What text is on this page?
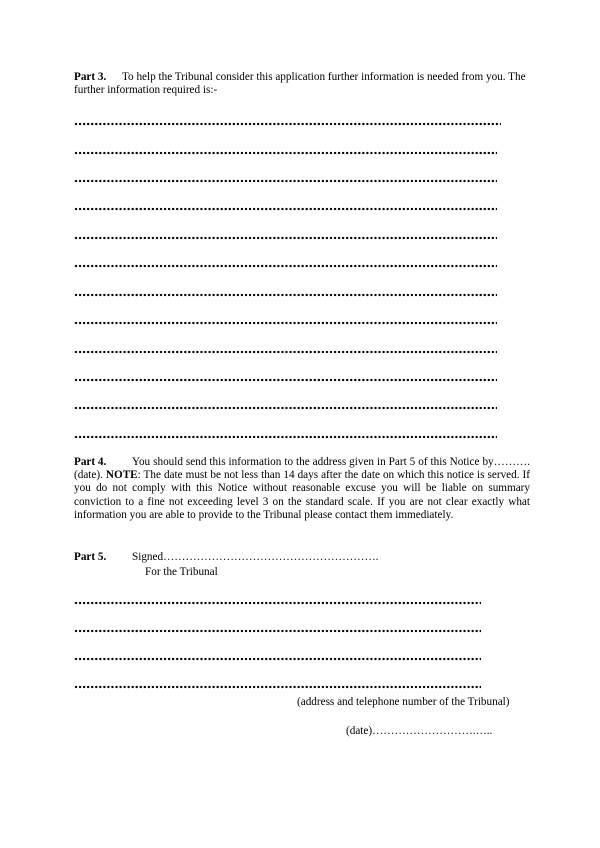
Part 3. To help the Tribunal consider this application further information is needed from you. The further information required is:-
Part 4. You should send this information to the address given in Part 5 of this Notice by………. (date). NOTE: The date must be not less than 14 days after the date on which this notice is served. If you do not comply with this Notice without reasonable excuse you will be liable on summary conviction to a fine not exceeding level 3 on the standard scale. If you are not clear exactly what information you are able to provide to the Tribunal please contact them immediately.
Part 5. Signed………………………………………………….
For the Tribunal
(address and telephone number of the Tribunal)
(date)……………………….…..
